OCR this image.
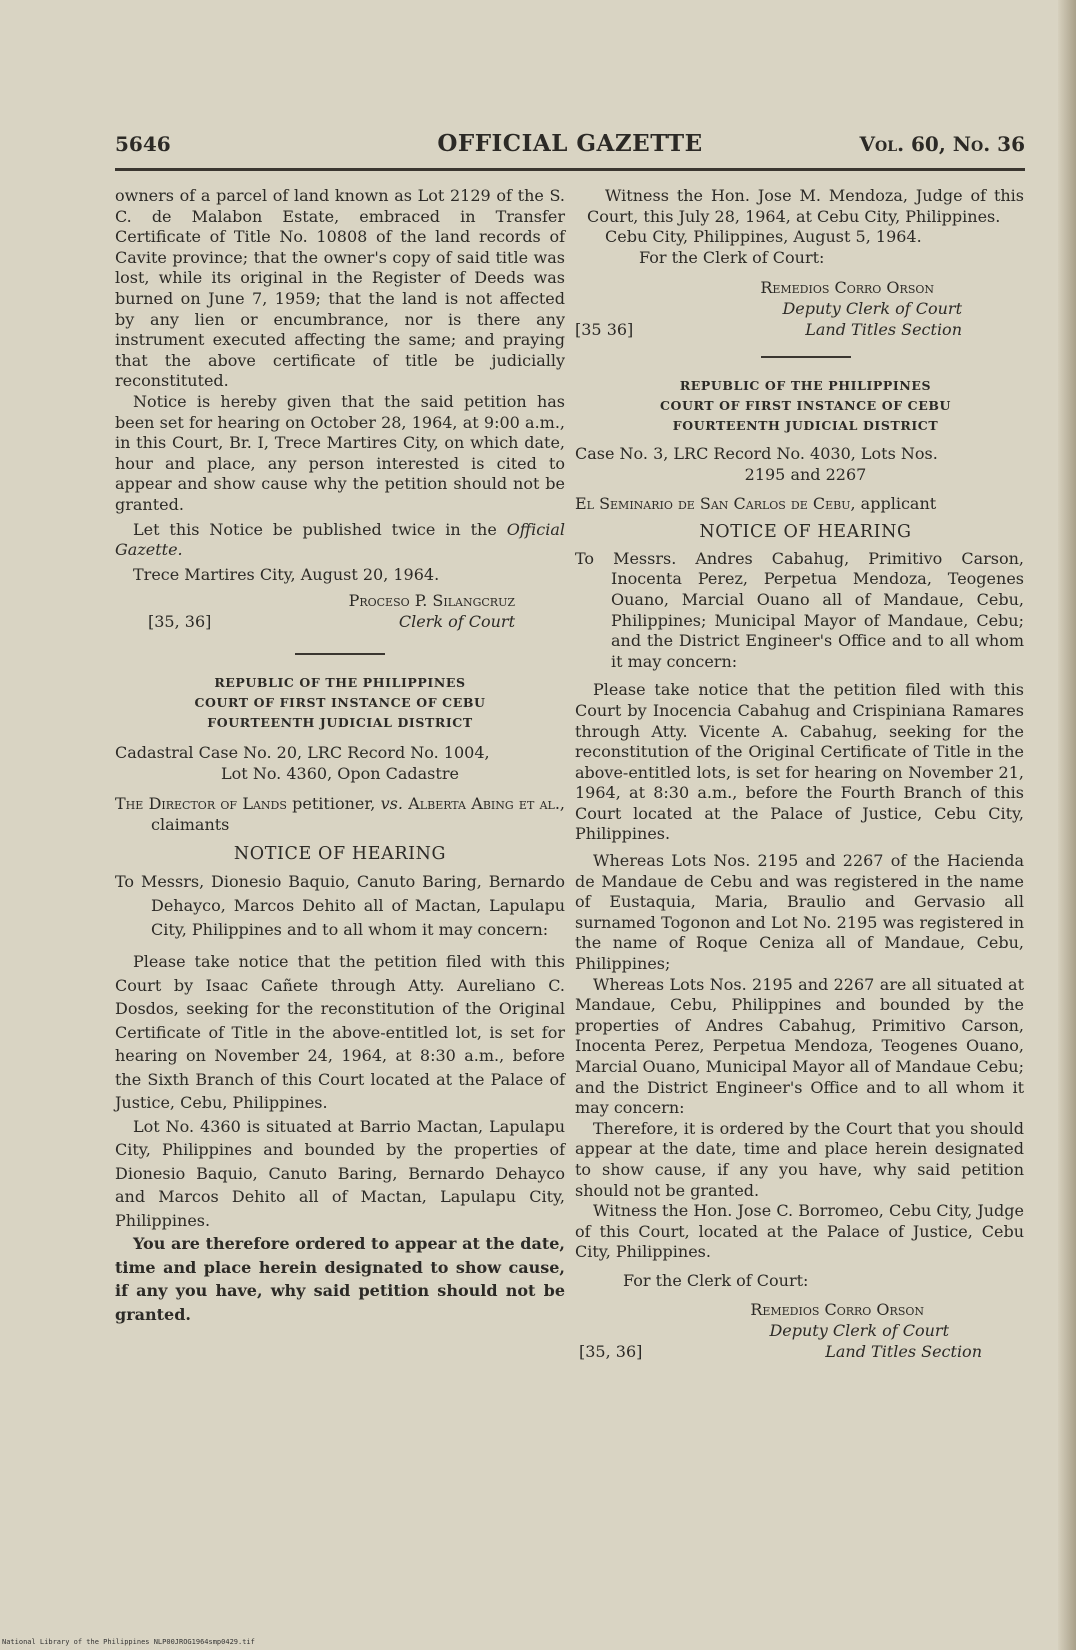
OFFICIAL GAZETTE
5646	Vol. 60, No. 36

owners of a parcel of land known as Lot 2129 of the S. C. de Malabon Estate, embraced in Transfer Certificate of Title No. 10808 of the land records of Cavite province; that the owner's copy of said title was lost, while its original in the Register of Deeds was burned on June 7, 1959; that the land is not affected by any lien or encumbrance, nor is there any instrument executed affecting the same; and praying that the above certificate of title be judicially reconstituted.

Notice is hereby given that the said petition has been set for hearing on October 28, 1964, at 9:00 a.m., in this Court, Br. I, Trece Martires City, on which date, hour and place, any person interested is cited to appear and show cause why the petition should not be granted.

Let this Notice be published twice in the Official Gazette.

Trece Martires City, August 20, 1964.

Proceso P. Silangcruz
Clerk of Court
[35, 36]

REPUBLIC OF THE PHILIPPINES

COURT OF FIRST INSTANCE OF CEBU

FOURTEENTH JUDICIAL DISTRICT

Cadastral Case No. 20, LRC Record No. 1004,

Lot No. 4360, Opon Cadastre

The Director of Lands petitioner, vs. Alberta Abing et al., claimants

NOTICE OF HEARING

To Messrs, Dionesio Baquio, Canuto Baring, Bernardo Dehayco, Marcos Dehito all of Mactan, Lapulapu City, Philippines and to all whom it may concern:

Please take notice that the petition filed with this Court by Isaac Cañete through Atty. Aureliano C. Dosdos, seeking for the reconstitution of the Original Certificate of Title in the above-entitled lot, is set for hearing on November 24, 1964, at 8:30 a.m., before the Sixth Branch of this Court located at the Palace of Justice, Cebu, Philippines.

Lot No. 4360 is situated at Barrio Mactan, Lapulapu City, Philippines and bounded by the properties of Dionesio Baquio, Canuto Baring, Bernardo Dehayco and Marcos Dehito all of Mactan, Lapulapu City, Philippines.

You are therefore ordered to appear at the date, time and place herein designated to show cause, if any you have, why said petition should not be granted.

Witness the Hon. Jose M. Mendoza, Judge of this Court, this July 28, 1964, at Cebu City, Philippines.

Cebu City, Philippines, August 5, 1964.

For the Clerk of Court:

Remedios Corro Orson
Deputy Clerk of Court
Land Titles Section
[35 36]

REPUBLIC OF THE PHILIPPINES

COURT OF FIRST INSTANCE OF CEBU

FOURTEENTH JUDICIAL DISTRICT

Case No. 3, LRC Record No. 4030, Lots Nos.

2195 and 2267

El Seminario de San Carlos de Cebu, applicant

NOTICE OF HEARING

To Messrs. Andres Cabahug, Primitivo Carson, Inocenta Perez, Perpetua Mendoza, Teogenes Ouano, Marcial Ouano all of Mandaue, Cebu, Philippines; Municipal Mayor of Mandaue, Cebu; and the District Engineer's Office and to all whom it may concern:

Please take notice that the petition filed with this Court by Inocencia Cabahug and Crispiniana Ramares through Atty. Vicente A. Cabahug, seeking for the reconstitution of the Original Certificate of Title in the above-entitled lots, is set for hearing on November 21, 1964, at 8:30 a.m., before the Fourth Branch of this Court located at the Palace of Justice, Cebu City, Philippines.

Whereas Lots Nos. 2195 and 2267 of the Hacienda de Mandaue de Cebu and was registered in the name of Eustaquia, Maria, Braulio and Gervasio all surnamed Togonon and Lot No. 2195 was registered in the name of Roque Ceniza all of Mandaue, Cebu, Philippines;

Whereas Lots Nos. 2195 and 2267 are all situated at Mandaue, Cebu, Philippines and bounded by the properties of Andres Cabahug, Primitivo Carson, Inocenta Perez, Perpetua Mendoza, Teogenes Ouano, Marcial Ouano, Municipal Mayor all of Mandaue Cebu; and the District Engineer's Office and to all whom it may concern:

Therefore, it is ordered by the Court that you should appear at the date, time and place herein designated to show cause, if any you have, why said petition should not be granted.

Witness the Hon. Jose C. Borromeo, Cebu City, Judge of this Court, located at the Palace of Justice, Cebu City, Philippines.

For the Clerk of Court:

Remedios Corro Orson
Deputy Clerk of Court
Land Titles Section
[35, 36]
National Library of the Philippines NLP00JROG1964smp0429.tif
